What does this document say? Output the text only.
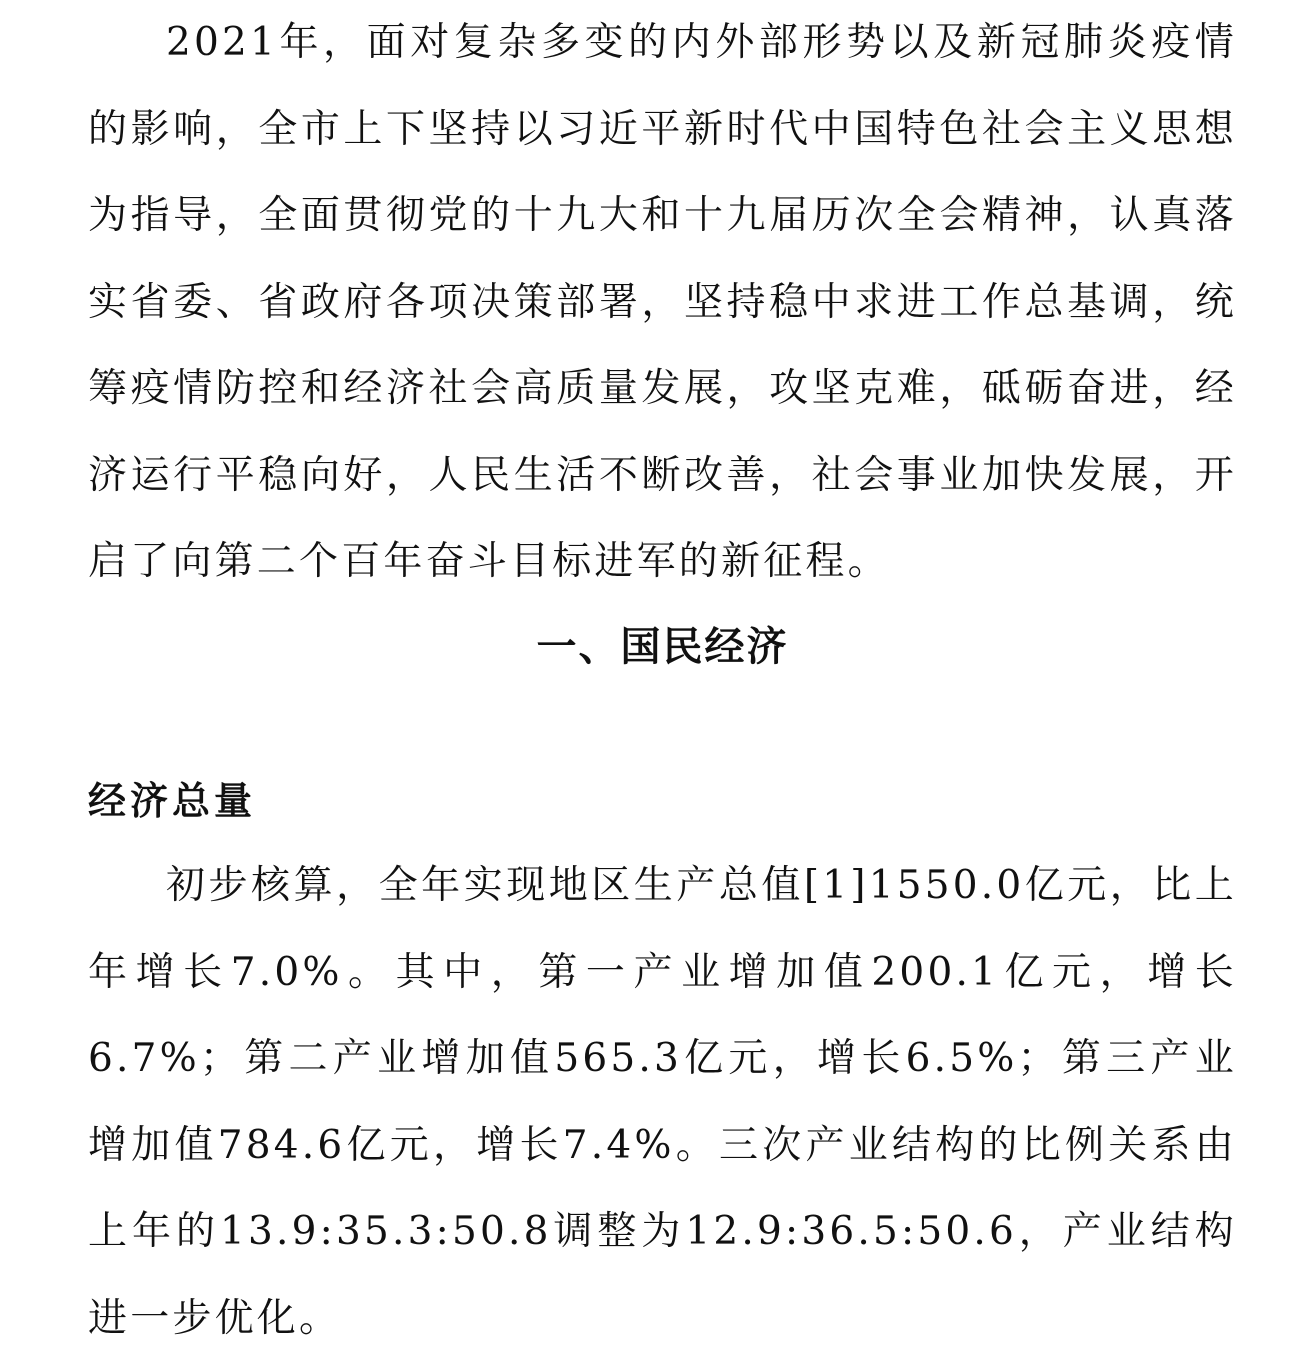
2021年，面对复杂多变的内外部形势以及新冠肺炎疫情的影响，全市上下坚持以习近平新时代中国特色社会主义思想为指导，全面贯彻党的十九大和十九届历次全会精神，认真落实省委、省政府各项决策部署，坚持稳中求进工作总基调，统筹疫情防控和经济社会高质量发展，攻坚克难，砥砺奋进，经济运行平稳向好，人民生活不断改善，社会事业加快发展，开启了向第二个百年奋斗目标进军的新征程。

一、国民经济
经济总量

初步核算，全年实现地区生产总值[1]1550.0亿元，比上年增长7.0%。其中，第一产业增加值200.1亿元，增长6.7%；第二产业增加值565.3亿元，增长6.5%；第三产业增加值784.6亿元，增长7.4%。三次产业结构的比例关系由上年的13.9:35.3:50.8调整为12.9:36.5:50.6，产业结构进一步优化。
